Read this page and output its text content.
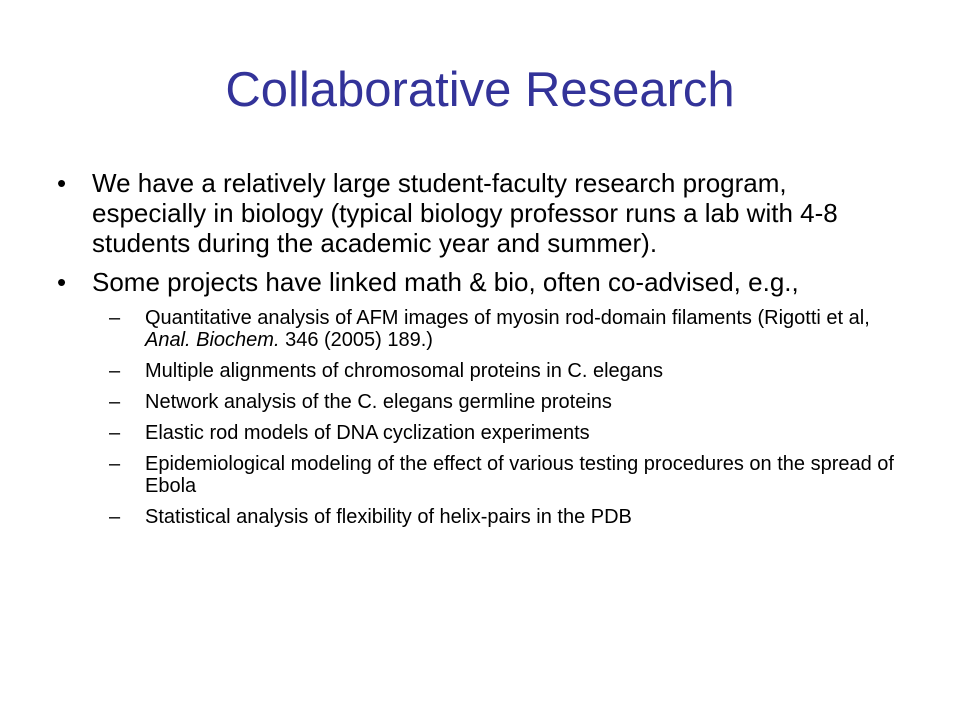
Collaborative Research
• We have a relatively large student-faculty research program, especially in biology (typical biology professor runs a lab with 4-8 students during the academic year and summer).
• Some projects have linked math & bio, often co-advised, e.g.,
– Quantitative analysis of AFM images of myosin rod-domain filaments (Rigotti et al, Anal. Biochem. 346 (2005) 189.)
– Multiple alignments of chromosomal proteins in C. elegans
– Network analysis of the C. elegans germline proteins
– Elastic rod models of DNA cyclization experiments
– Epidemiological modeling of the effect of various testing procedures on the spread of Ebola
– Statistical analysis of flexibility of helix-pairs in the PDB
